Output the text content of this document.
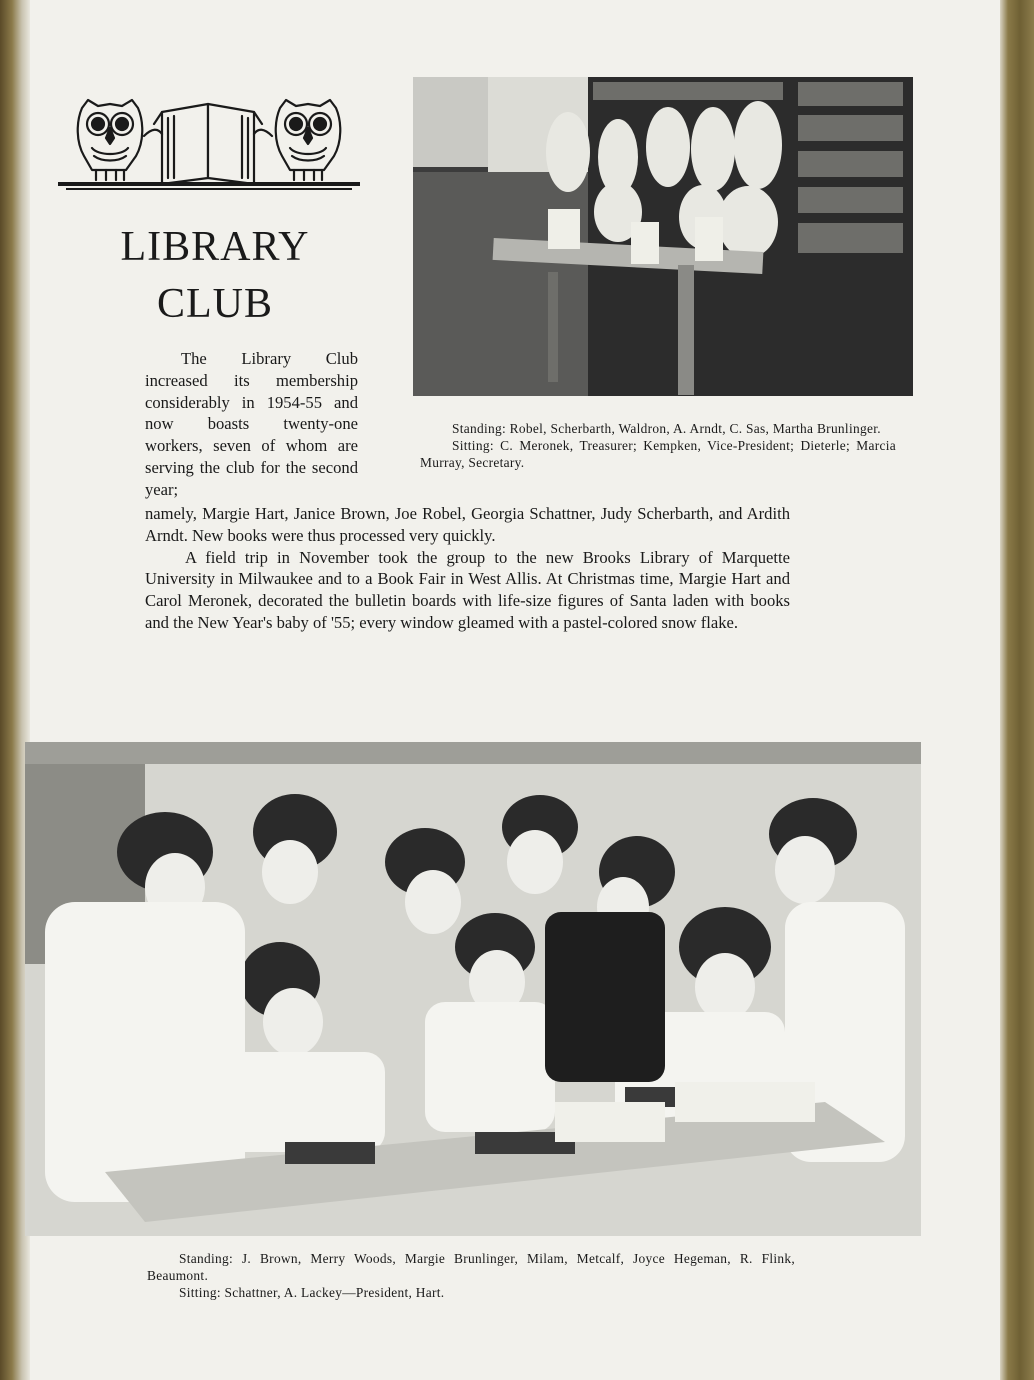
LIBRARY
CLUB
The Library Club increased its membership considerably in 1954-55 and now boasts twenty-one workers, seven of whom are serving the club for the second year;
Standing: Robel, Scherbarth, Waldron, A. Arndt, C. Sas, Martha Brunlinger.
Sitting: C. Meronek, Treasurer; Kempken, Vice-President; Dieterle; Marcia Murray, Secretary.
namely, Margie Hart, Janice Brown, Joe Robel, Georgia Schattner, Judy Scherbarth, and Ardith Arndt. New books were thus processed very quickly.
A field trip in November took the group to the new Brooks Library of Marquette University in Milwaukee and to a Book Fair in West Allis. At Christmas time, Margie Hart and Carol Meronek, decorated the bulletin boards with life-size figures of Santa laden with books and the New Year's baby of '55; every window gleamed with a pastel-colored snow flake.
Standing: J. Brown, Merry Woods, Margie Brunlinger, Milam, Metcalf, Joyce Hegeman, R. Flink, Beaumont.
Sitting: Schattner, A. Lackey—President, Hart.
